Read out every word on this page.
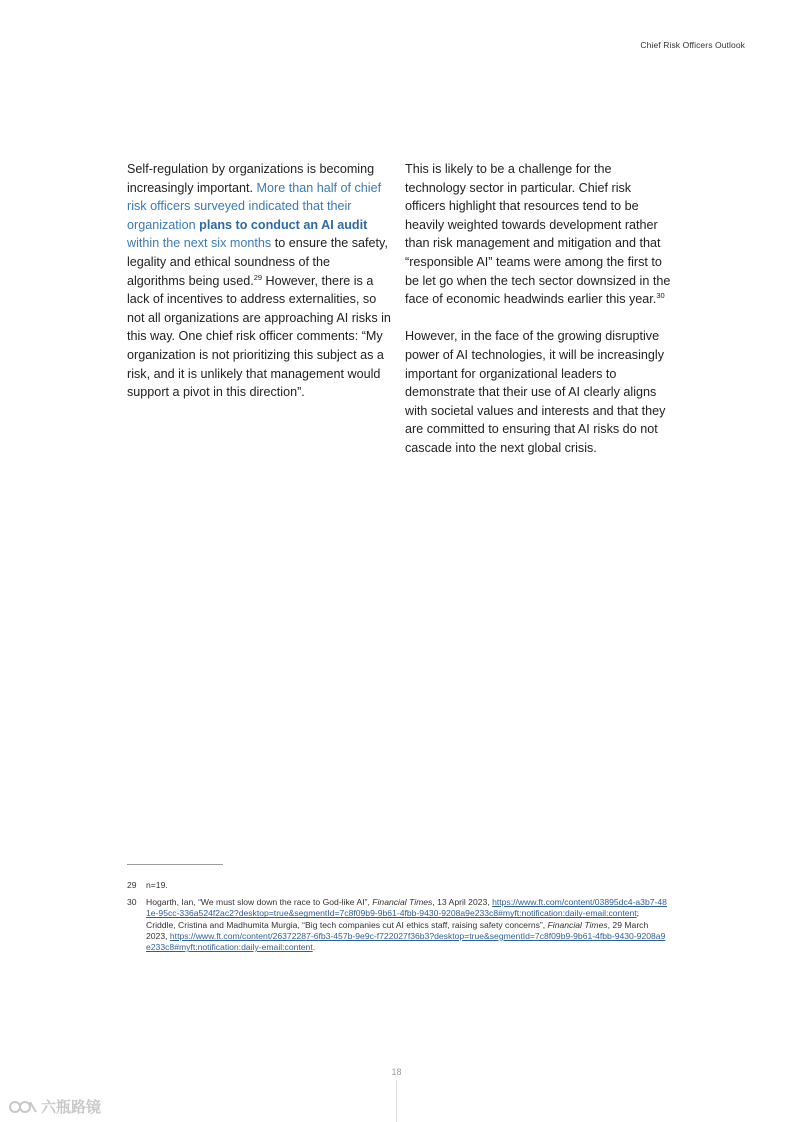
Chief Risk Officers Outlook

Self-regulation by organizations is becoming increasingly important. More than half of chief risk officers surveyed indicated that their organization plans to conduct an AI audit within the next six months to ensure the safety, legality and ethical soundness of the algorithms being used.$^{29}$ However, there is a lack of incentives to address externalities, so not all organizations are approaching AI risks in this way. One chief risk officer comments: “My organization is not prioritizing this subject as a risk, and it is unlikely that management would support a pivot in this direction”.

This is likely to be a challenge for the technology sector in particular. Chief risk officers highlight that resources tend to be heavily weighted towards development rather than risk management and mitigation and that “responsible AI” teams were among the first to be let go when the tech sector downsized in the face of economic headwinds earlier this year.$^{30}$

However, in the face of the growing disruptive power of AI technologies, it will be increasingly important for organizational leaders to demonstrate that their use of AI clearly aligns with societal values and interests and that they are committed to ensuring that AI risks do not cascade into the next global crisis.

29	n=19.
30	Hogarth, Ian, “We must slow down the race to God-like AI”, Financial Times, 13 April 2023, https://www.ft.com/content/03895dc4-a3b7-481e-95cc-336a524f2ac2?desktop=true&segmentId=7c8f09b9-9b61-4fbb-9430-9208a9e233c8#myft:notification:daily-email:content; Criddle, Cristina and Madhumita Murgia, “Big tech companies cut AI ethics staff, raising safety concerns”, Financial Times, 29 March 2023, https://www.ft.com/content/26372287-6fb3-457b-9e9c-f722027f36b3?desktop=true&segmentId=7c8f09b9-9b61-4fbb-9430-9208a9e233c8#myft:notification:daily-email:content.
18
六瓶路镜
